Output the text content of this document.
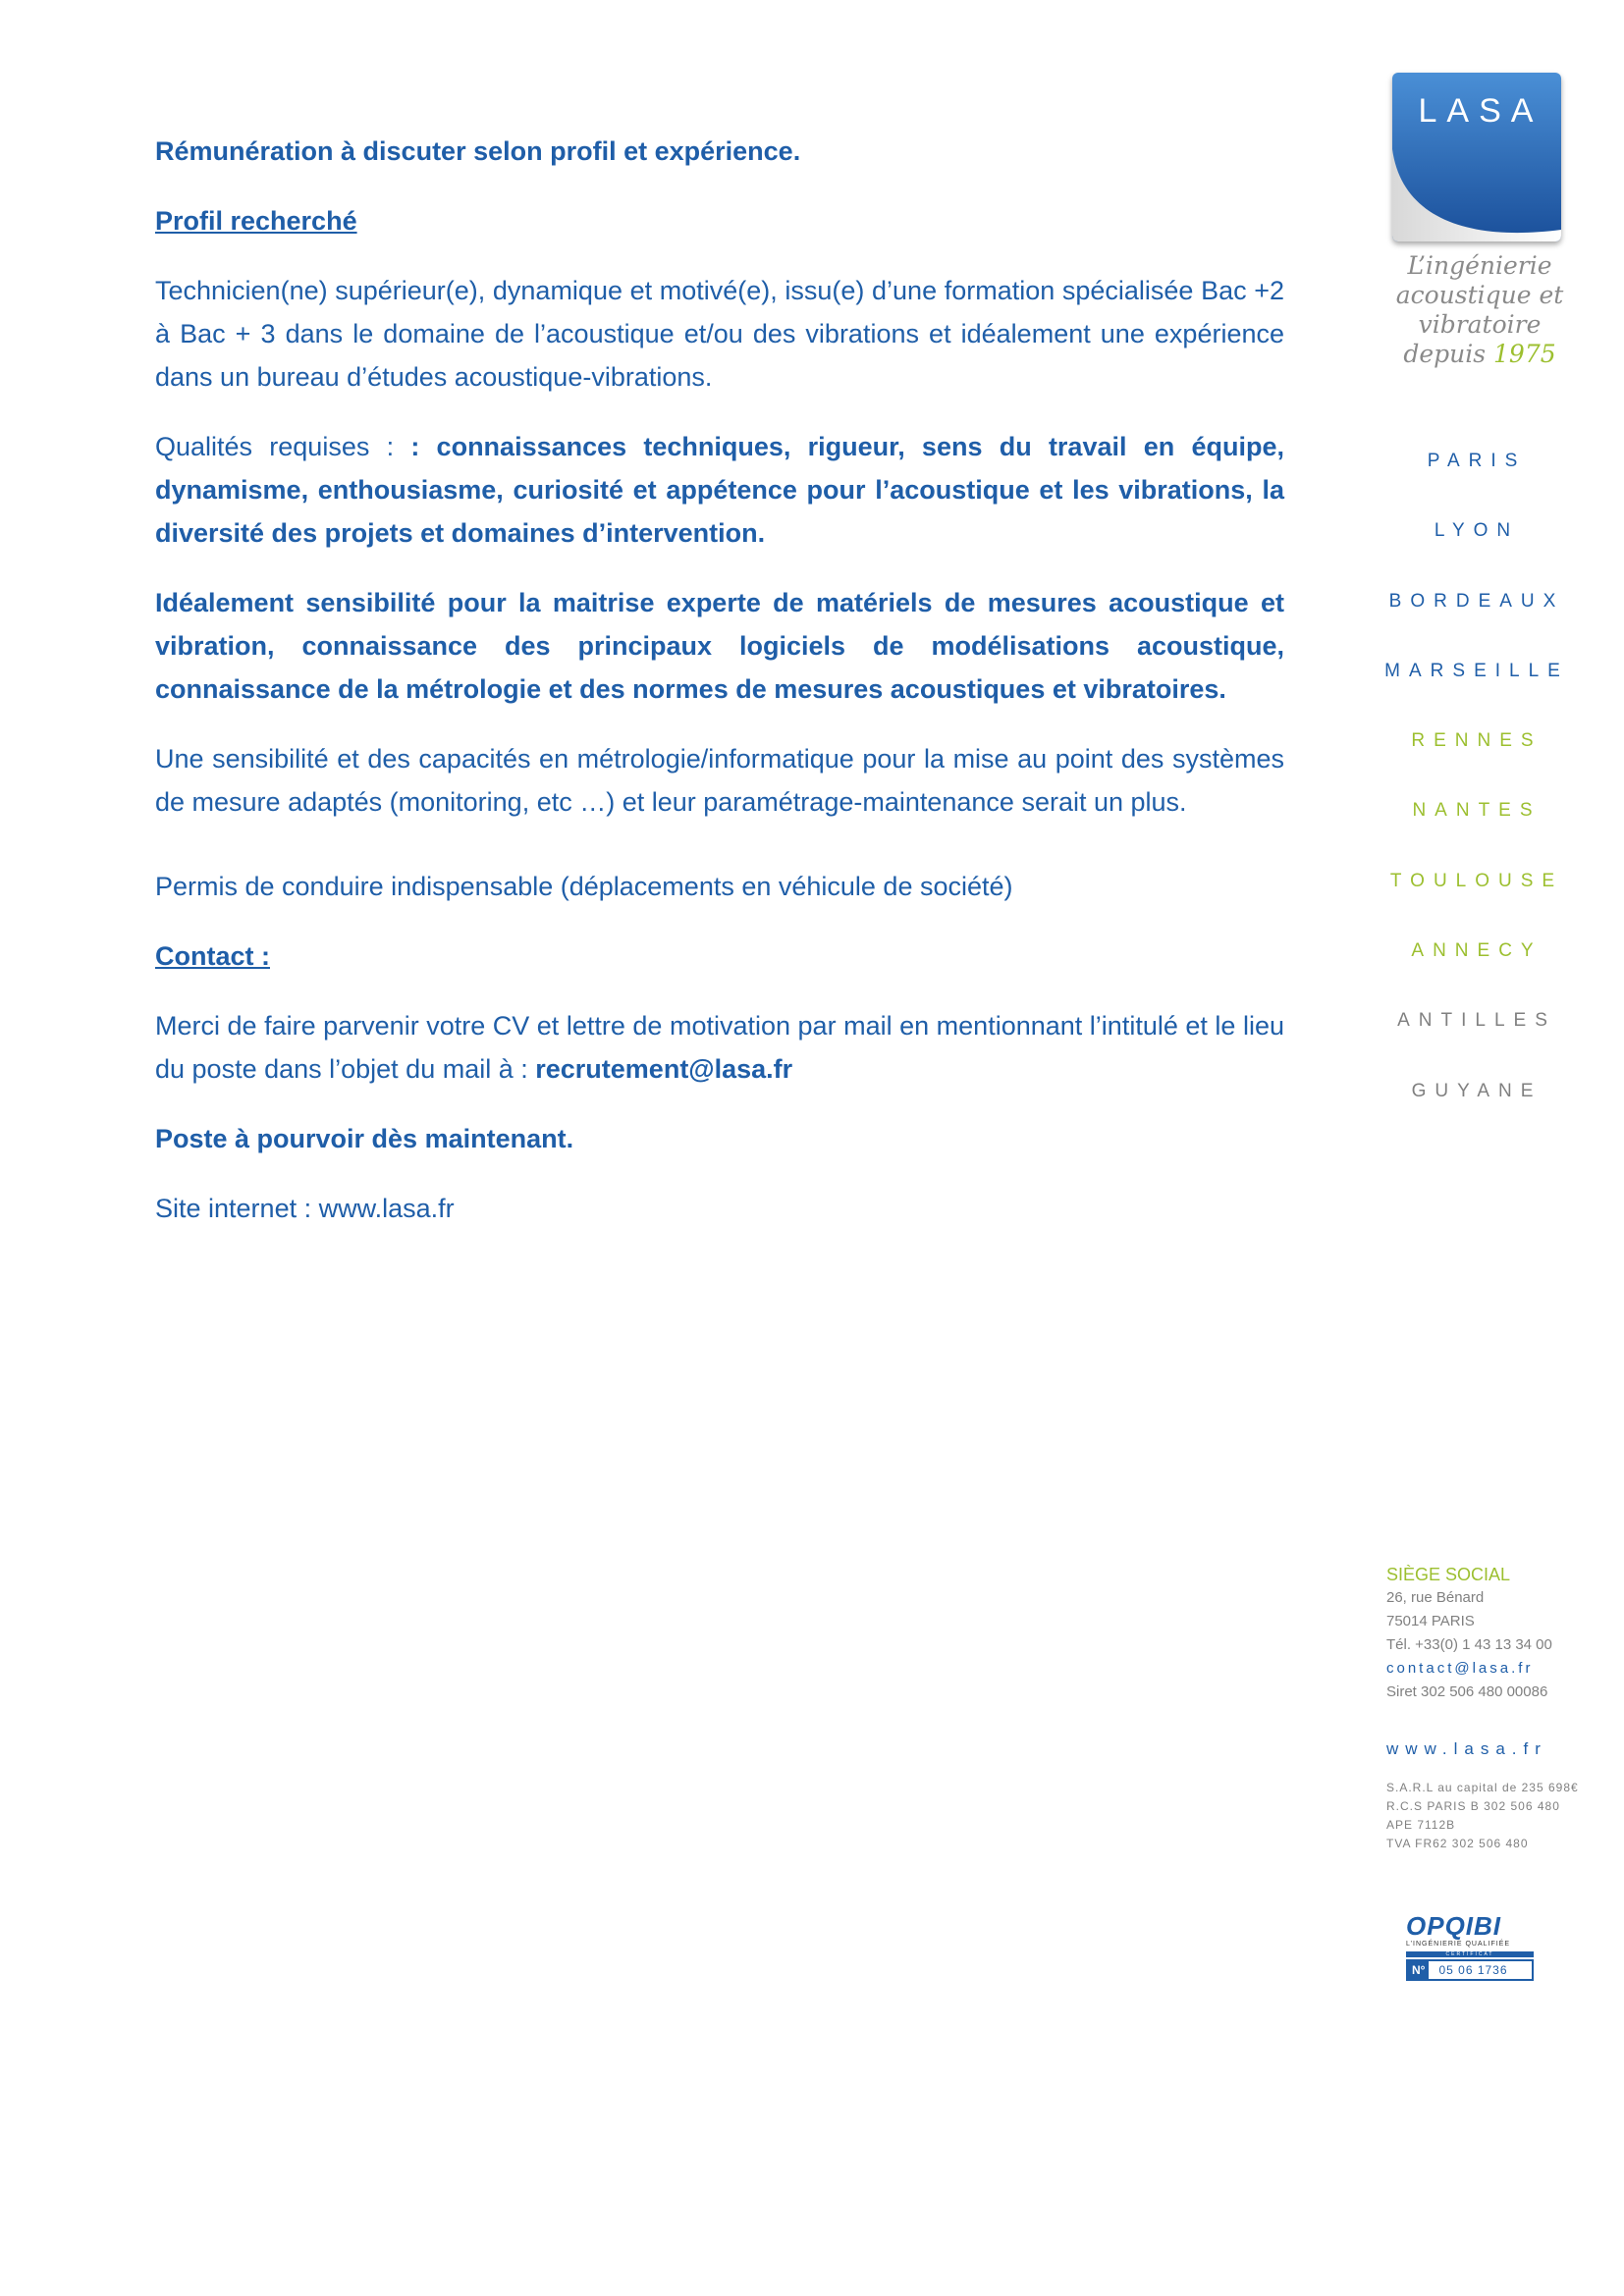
Rémunération à discuter selon profil et expérience.

Profil recherché

Technicien(ne) supérieur(e), dynamique et motivé(e), issu(e) d’une formation spécialisée Bac +2 à Bac + 3 dans le domaine de l’acoustique et/ou des vibrations et idéalement une expérience dans un bureau d’études acoustique-vibrations.

Qualités requises : : connaissances techniques, rigueur, sens du travail en équipe, dynamisme, enthousiasme, curiosité et appétence pour l’acoustique et les vibrations, la diversité des projets et domaines d’intervention.

Idéalement sensibilité pour la maitrise experte de matériels de mesures acoustique et vibration, connaissance des principaux logiciels de modélisations acoustique, connaissance de la métrologie et des normes de mesures acoustiques et vibratoires.

Une sensibilité et des capacités en métrologie/informatique pour la mise au point des systèmes de mesure adaptés (monitoring, etc …) et leur paramétrage-maintenance serait un plus.

Permis de conduire indispensable (déplacements en véhicule de société)

Contact :

Merci de faire parvenir votre CV et lettre de motivation par mail en mentionnant l’intitulé et le lieu du poste dans l’objet du mail à : recrutement@lasa.fr

Poste à pourvoir dès maintenant.

Site internet : www.lasa.fr

LASA
L’ingénierie
acoustique et vibratoire
depuis 1975
PARIS
LYON
BORDEAUX
MARSEILLE
RENNES
NANTES
TOULOUSE
ANNECY
ANTILLES
GUYANE
SIÈGE SOCIAL
26, rue Bénard
75014 PARIS
Tél. +33(0) 1 43 13 34 00
contact@lasa.fr
Siret 302 506 480 00086
www.lasa.fr
S.A.R.L au capital de 235 698€
R.C.S PARIS B 302 506 480
APE 7112B
TVA FR62 302 506 480
OPQIBI
L’INGÉNIERIE QUALIFIÉE
CERTIFICAT
N°	05 06 1736
